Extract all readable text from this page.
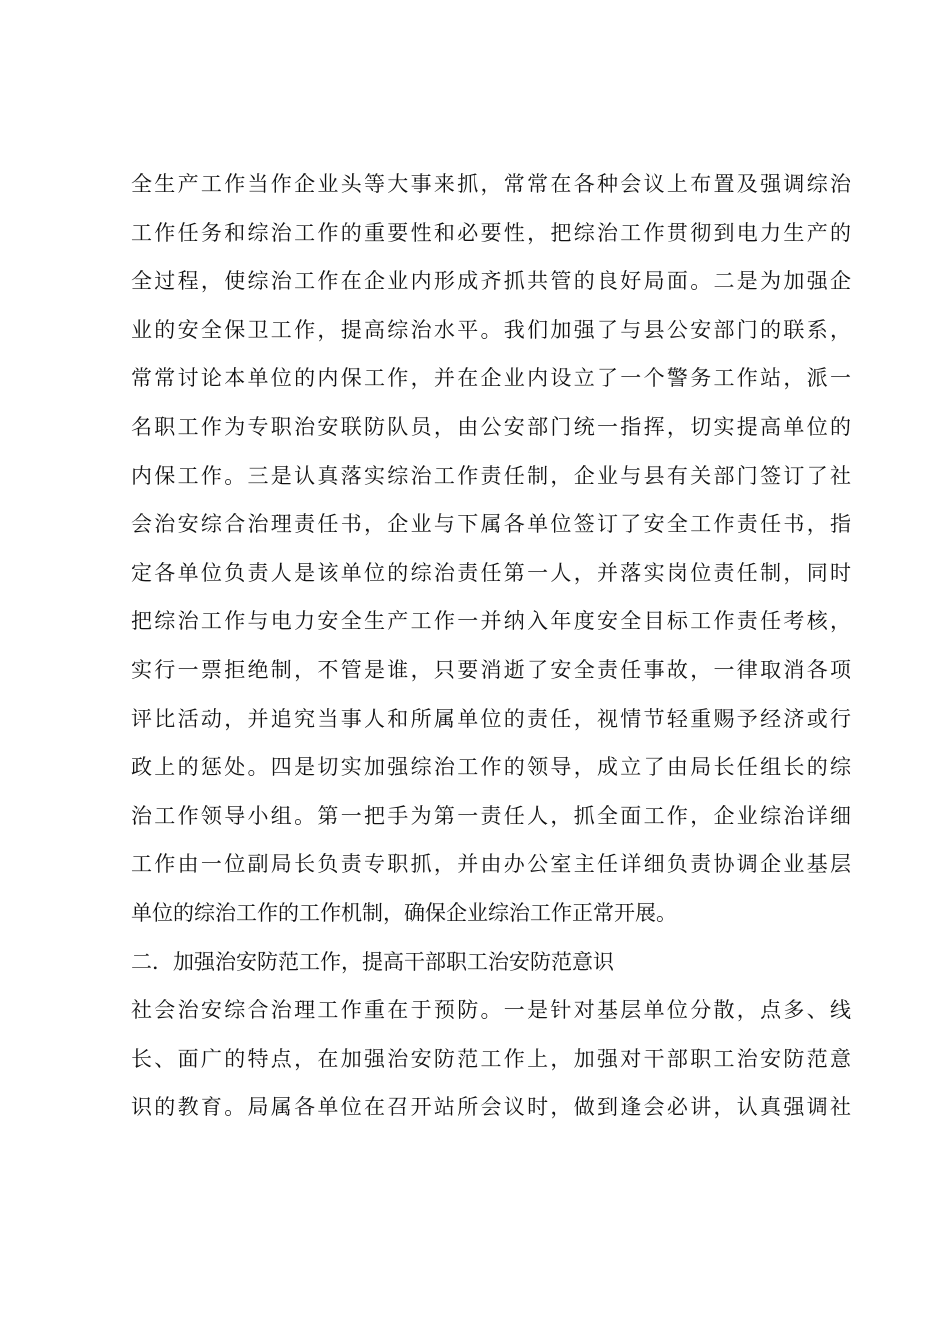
全生产工作当作企业头等大事来抓，常常在各种会议上布置及强调综治
工作任务和综治工作的重要性和必要性，把综治工作贯彻到电力生产的
全过程，使综治工作在企业内形成齐抓共管的良好局面。二是为加强企
业的安全保卫工作，提高综治水平。我们加强了与县公安部门的联系，
常常讨论本单位的内保工作，并在企业内设立了一个警务工作站，派一
名职工作为专职治安联防队员，由公安部门统一指挥，切实提高单位的
内保工作。三是认真落实综治工作责任制，企业与县有关部门签订了社
会治安综合治理责任书，企业与下属各单位签订了安全工作责任书，指
定各单位负责人是该单位的综治责任第一人，并落实岗位责任制，同时
把综治工作与电力安全生产工作一并纳入年度安全目标工作责任考核，
实行一票拒绝制，不管是谁，只要消逝了安全责任事故，一律取消各项
评比活动，并追究当事人和所属单位的责任，视情节轻重赐予经济或行
政上的惩处。四是切实加强综治工作的领导，成立了由局长任组长的综
治工作领导小组。第一把手为第一责任人，抓全面工作，企业综治详细
工作由一位副局长负责专职抓，并由办公室主任详细负责协调企业基层
单位的综治工作的工作机制，确保企业综治工作正常开展。
二．加强治安防范工作，提高干部职工治安防范意识
社会治安综合治理工作重在于预防。一是针对基层单位分散，点多、线
长、面广的特点，在加强治安防范工作上，加强对干部职工治安防范意
识的教育。局属各单位在召开站所会议时，做到逢会必讲，认真强调社
